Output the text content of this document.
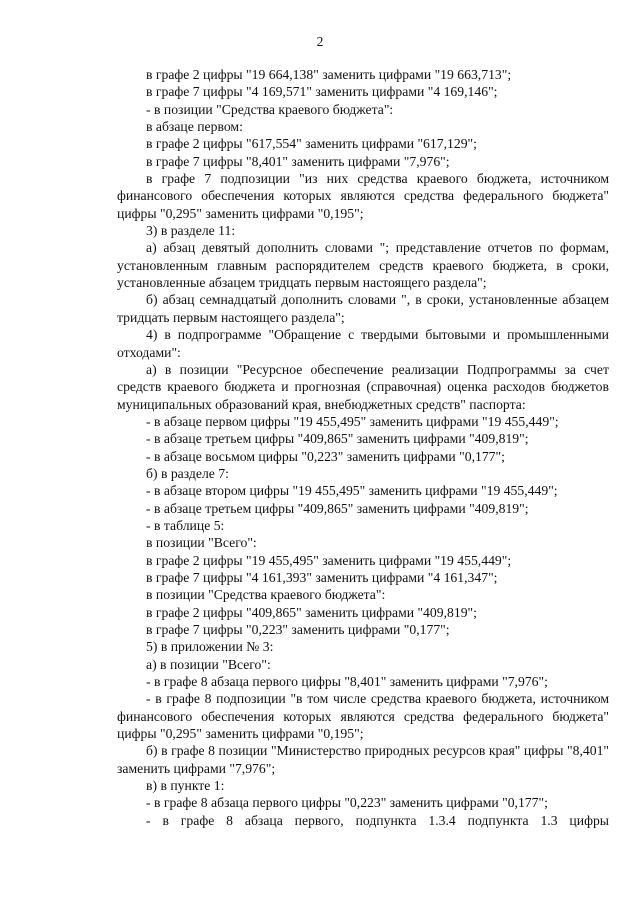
2

в графе 2 цифры "19 664,138" заменить цифрами "19 663,713";

в графе 7 цифры "4 169,571" заменить цифрами "4 169,146";

- в позиции "Средства краевого бюджета":

в абзаце первом:

в графе 2 цифры "617,554" заменить цифрами "617,129";

в графе 7 цифры "8,401" заменить цифрами "7,976";

в графе 7 подпозиции "из них средства краевого бюджета, источником финансового обеспечения которых являются средства федерального бюджета" цифры "0,295" заменить цифрами "0,195";

3) в разделе 11:

а) абзац девятый дополнить словами "; представление отчетов по формам, установленным главным распорядителем средств краевого бюджета, в сроки, установленные абзацем тридцать первым настоящего раздела";

б) абзац семнадцатый дополнить словами ", в сроки, установленные абзацем тридцать первым настоящего раздела";

4) в подпрограмме "Обращение с твердыми бытовыми и промышленными отходами":

а) в позиции "Ресурсное обеспечение реализации Подпрограммы за счет средств краевого бюджета и прогнозная (справочная) оценка расходов бюджетов муниципальных образований края, внебюджетных средств" паспорта:

- в абзаце первом цифры "19 455,495" заменить цифрами "19 455,449";

- в абзаце третьем цифры "409,865" заменить цифрами "409,819";

- в абзаце восьмом цифры "0,223" заменить цифрами "0,177";

б) в разделе 7:

- в абзаце втором цифры "19 455,495" заменить цифрами "19 455,449";

- в абзаце третьем цифры "409,865" заменить цифрами "409,819";

- в таблице 5:

в позиции "Всего":

в графе 2 цифры "19 455,495" заменить цифрами "19 455,449";

в графе 7 цифры "4 161,393" заменить цифрами "4 161,347";

в позиции "Средства краевого бюджета":

в графе 2 цифры "409,865" заменить цифрами "409,819";

в графе 7 цифры "0,223" заменить цифрами "0,177";

5) в приложении № 3:

а) в позиции "Всего":

- в графе 8 абзаца первого цифры "8,401" заменить цифрами "7,976";

- в графе 8 подпозиции "в том числе средства краевого бюджета, источником финансового обеспечения которых являются средства федерального бюджета" цифры "0,295" заменить цифрами "0,195";

б) в графе 8 позиции "Министерство природных ресурсов края" цифры "8,401" заменить цифрами "7,976";

в) в пункте 1:

- в графе 8 абзаца первого цифры "0,223" заменить цифрами "0,177";

- в графе 8 абзаца первого, подпункта 1.3.4 подпункта 1.3 цифры
